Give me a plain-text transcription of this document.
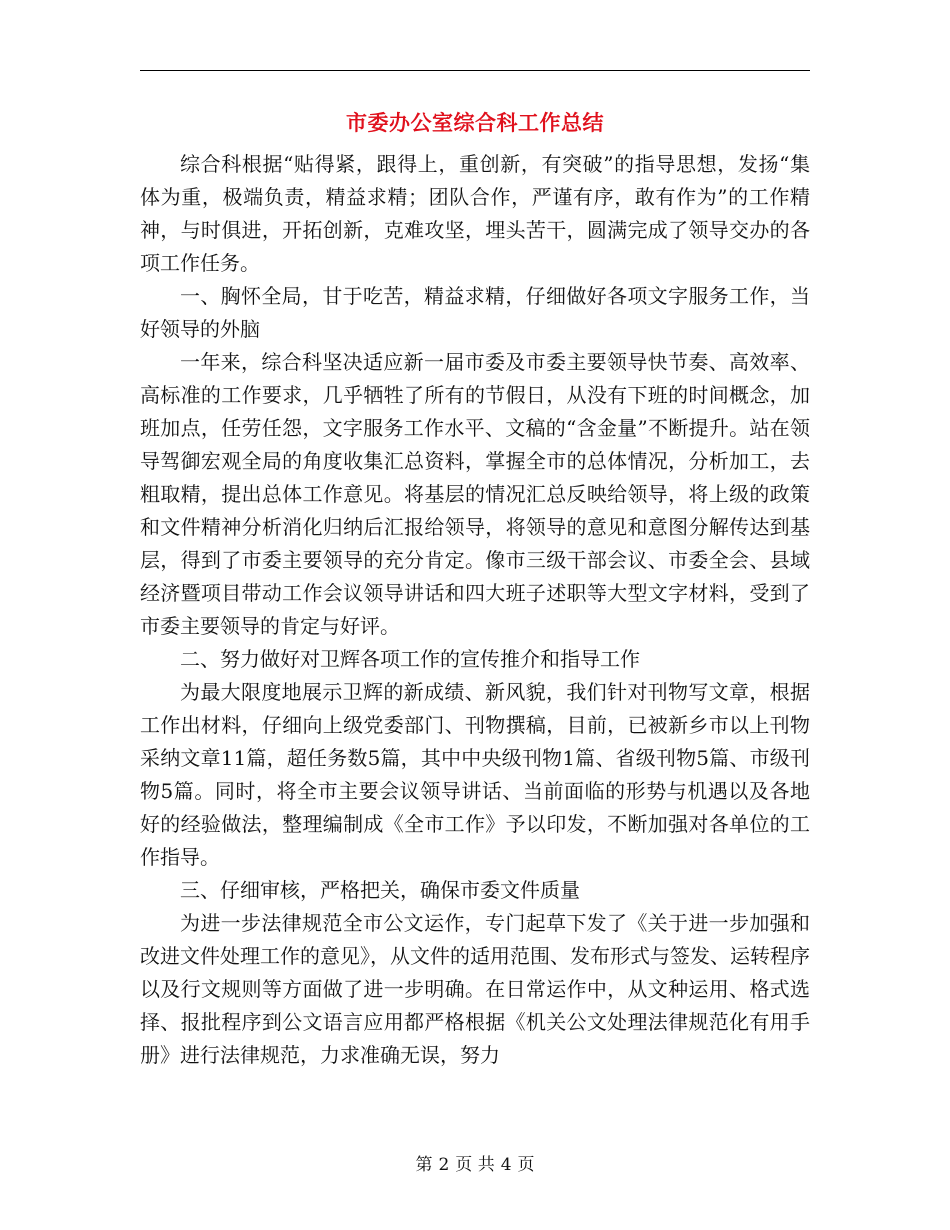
市委办公室综合科工作总结

综合科根据“贴得紧，跟得上，重创新，有突破”的指导思想，发扬“集体为重，极端负责，精益求精；团队合作，严谨有序，敢有作为”的工作精神，与时俱进，开拓创新，克难攻坚，埋头苦干，圆满完成了领导交办的各项工作任务。

一、胸怀全局，甘于吃苦，精益求精，仔细做好各项文字服务工作，当好领导的外脑

一年来，综合科坚决适应新一届市委及市委主要领导快节奏、高效率、高标准的工作要求，几乎牺牲了所有的节假日，从没有下班的时间概念，加班加点，任劳任怨，文字服务工作水平、文稿的“含金量”不断提升。站在领导驾御宏观全局的角度收集汇总资料，掌握全市的总体情况，分析加工，去粗取精，提出总体工作意见。将基层的情况汇总反映给领导，将上级的政策和文件精神分析消化归纳后汇报给领导，将领导的意见和意图分解传达到基层，得到了市委主要领导的充分肯定。像市三级干部会议、市委全会、县域经济暨项目带动工作会议领导讲话和四大班子述职等大型文字材料，受到了市委主要领导的肯定与好评。

二、努力做好对卫辉各项工作的宣传推介和指导工作

为最大限度地展示卫辉的新成绩、新风貌，我们针对刊物写文章，根据工作出材料，仔细向上级党委部门、刊物撰稿，目前，已被新乡市以上刊物采纳文章11篇，超任务数5篇，其中中央级刊物1篇、省级刊物5篇、市级刊物5篇。同时，将全市主要会议领导讲话、当前面临的形势与机遇以及各地好的经验做法，整理编制成《全市工作》予以印发，不断加强对各单位的工作指导。

三、仔细审核，严格把关，确保市委文件质量

为进一步法律规范全市公文运作，专门起草下发了《关于进一步加强和改进文件处理工作的意见》，从文件的适用范围、发布形式与签发、运转程序以及行文规则等方面做了进一步明确。在日常运作中，从文种运用、格式选择、报批程序到公文语言应用都严格根据《机关公文处理法律规范化有用手册》进行法律规范，力求准确无误，努力

第 2 页 共 4 页
